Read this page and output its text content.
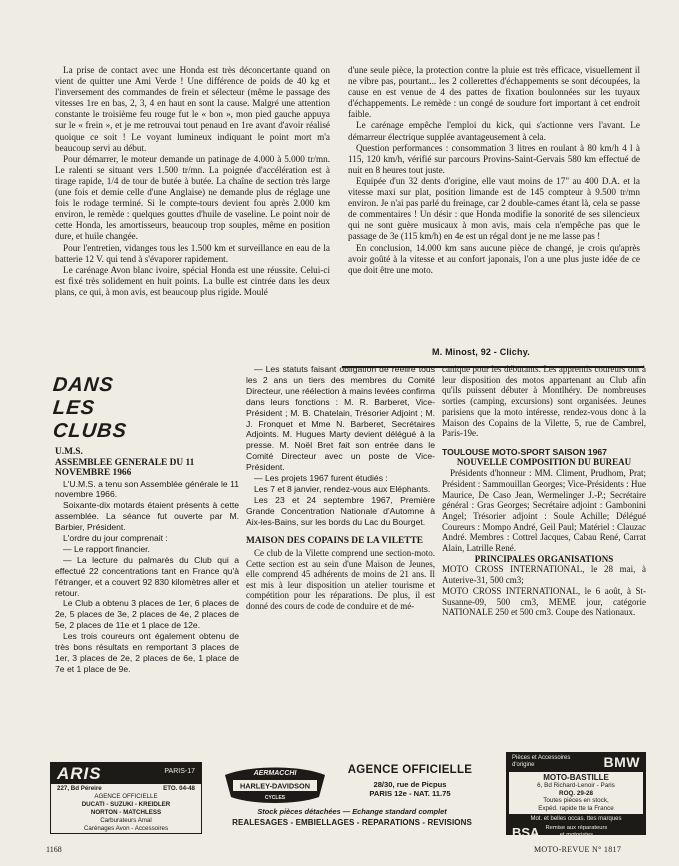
La prise de contact avec une Honda est très déconcertante quand on vient de quitter une Ami Verde ! Une différence de poids de 40 kg et l'inversement des commandes de frein et sélecteur (même le passage des vitesses 1re en bas, 2, 3, 4 en haut en sont la cause. Malgré une attention constante le troisième feu rouge fut le « bon », mon pied gauche appuya sur le « frein », et je me retrouvai tout penaud en 1re avant d'avoir réalisé quoique ce soit ! Le voyant lumineux indiquant le point mort m'a beaucoup servi au début.

Pour démarrer, le moteur demande un patinage de 4.000 à 5.000 tr/mn. Le ralenti se situant vers 1.500 tr/mn. La poignée d'accélération est à tirage rapide, 1/4 de tour de butée à butée. La chaîne de section très large (une fois et demie celle d'une Anglaise) ne demande plus de réglage une fois le rodage terminé. Si le compte-tours devient fou après 2.000 km environ, le remède : quelques gouttes d'huile de vaseline. Le point noir de cette Honda, les amortisseurs, beaucoup trop souples, même en position dure, et huile changée.

Pour l'entretien, vidanges tous les 1.500 km et surveillance en eau de la batterie 12 V. qui tend à s'évaporer rapidement.

Le carénage Avon blanc ivoire, spécial Honda est une réussite. Celui-ci est fixé très solidement en huit points. La bulle est cintrée dans les deux plans, ce qui, à mon avis, est beaucoup plus rigide. Moulé

d'une seule pièce, la protection contre la pluie est très efficace, visuellement il ne vibre pas, pourtant... les 2 collerettes d'échappements se sont découpées, la cause en est venue de 4 des pattes de fixation boulonnées sur les tuyaux d'échappements. Le remède : un congé de soudure fort important à cet endroit faible.

Le carénage empêche l'emploi du kick, qui s'actionne vers l'avant. Le démarreur électrique supplée avantageusement à cela.

Question performances : consommation 3 litres en roulant à 80 km/h 4 l à 115, 120 km/h, vérifié sur parcours Provins-Saint-Gervais 580 km effectué de nuit en 8 heures tout juste.

Equipée d'un 32 dents d'origine, elle vaut moins de 17" au 400 D.A. et la vitesse maxi sur plat, position limande est de 145 compteur à 9.500 tr/mn environ. Je n'ai pas parlé du freinage, car 2 double-cames étant là, cela se passe de commentaires ! Un désir : que Honda modifie la sonorité de ses silencieux qui ne sont guère musicaux à mon avis, mais cela n'empêche pas que le passage de 3e (115 km/h) en 4e est un régal dont je ne me lasse pas !

En conclusion, 14.000 km sans aucune pièce de changé, je crois qu'après avoir goûté à la vitesse et au confort japonais, l'on a une plus juste idée de ce que doit être une moto.

M. Minost, 92 - Clichy.
DANS
LES
CLUBS

U.M.S.

ASSEMBLEE GENERALE DU 11 NOVEMBRE 1966

L'U.M.S. a tenu son Assemblée générale le 11 novembre 1966.

Soixante-dix motards étaient présents à cette assemblée. La séance fut ouverte par M. Barbier, Président.

L'ordre du jour comprenait :

— Le rapport financier.

— La lecture du palmarès du Club qui a effectué 22 concentrations tant en France qu'à l'étranger, et a couvert 92 830 kilomètres aller et retour.

Le Club a obtenu 3 places de 1er, 6 places de 2e, 5 places de 3e, 2 places de 4e, 2 places de 5e, 2 places de 11e et 1 place de 12e.

Les trois coureurs ont également obtenu de très bons résultats en remportant 3 places de 1er, 3 places de 2e, 2 places de 6e, 1 place de 7e et 1 place de 9e.

— Les statuts faisant obligation de réélire tous les 2 ans un tiers des membres du Comité Directeur, une réélection à mains levées confirma dans leurs fonctions : M. R. Barberet, Vice-Président ; M. B. Chatelain, Trésorier Adjoint ; M. J. Fronquet et Mme N. Barberet, Secrétaires Adjoints. M. Hugues Marty devient délégué à la presse. M. Noël Bret fait son entrée dans le Comité Directeur avec un poste de Vice-Président.

— Les projets 1967 furent étudiés :

Les 7 et 8 janvier, rendez-vous aux Eléphants.

Les 23 et 24 septembre 1967, Première Grande Concentration Nationale d'Automne à Aix-les-Bains, sur les bords du Lac du Bourget.

MAISON DES COPAINS DE LA VILETTE

Ce club de la Vilette comprend une section-moto. Cette section est au sein d'une Maison de Jeunes, elle comprend 45 adhérents de moins de 21 ans. Il est mis à leur disposition un atelier tourisme et compétition pour les réparations. De plus, il est donné des cours de code de conduire et de mé-

canique pour les débutants. Les apprentis coureurs ont à leur disposition des motos appartenant au Club afin qu'ils puissent débuter à Montlhéry. De nombreuses sorties (camping, excursions) sont organisées. Jeunes parisiens que la moto intéresse, rendez-vous donc à la Maison des Copains de la Vilette, 5, rue de Cambrel, Paris-19e.

TOULOUSE MOTO-SPORT SAISON 1967

NOUVELLE COMPOSITION DU BUREAU

Présidents d'honneur : MM. Climent, Prudhom, Prat; Président : Sammouillan Georges; Vice-Présidents : Hue Maurice, De Caso Jean, Wermelinger J.-P.; Secrétaire général : Gras Georges; Secrétaire adjoint : Gambonini Angel; Trésorier adjoint : Soule Achille; Délégué Coureurs : Mompo André, Geil Paul; Matériel : Clauzac André. Membres : Cottrel Jacques, Cabau René, Carrat Alain, Latrille René.

PRINCIPALES ORGANISATIONS

MOTO CROSS INTERNATIONAL, le 28 mai, à Auterive-31, 500 cm3;

MOTO CROSS INTERNATIONAL, le 6 août, à St-Susanne-09, 500 cm3, MEME jour, catégorie NATIONALE 250 et 500 cm3. Coupe des Nationaux.

ARIS	PARIS-17
227, Bd Péreire	ETO. 04-48
AGENCE OFFICIELLE
DUCATI - SUZUKI - KREIDLER
NORTON - MATCHLESS
Carburateurs Amal
Carénages Avon - Accessoires
AERMACCHI
HARLEY-DAVIDSON
CYCLES
AGENCE OFFICIELLE
28/30, rue de Picpus
PARIS 12e - NAT. 11.75
Stock pièces détachées — Echange standard complet
REALESAGES - EMBIELLAGES - REPARATIONS - REVISIONS
Pièces et Accessoires
d'origine	BMW
MOTO-BASTILLE
6, Bd Richard-Lenoir - Paris
ROQ. 29-28
Toutes pièces en stock,
Expéd. rapide tte la France
Mot. et belles occas. ttes marques
BSA Remise aux réparateurs
et motoristes
1168	MOTO-REVUE N° 1817
